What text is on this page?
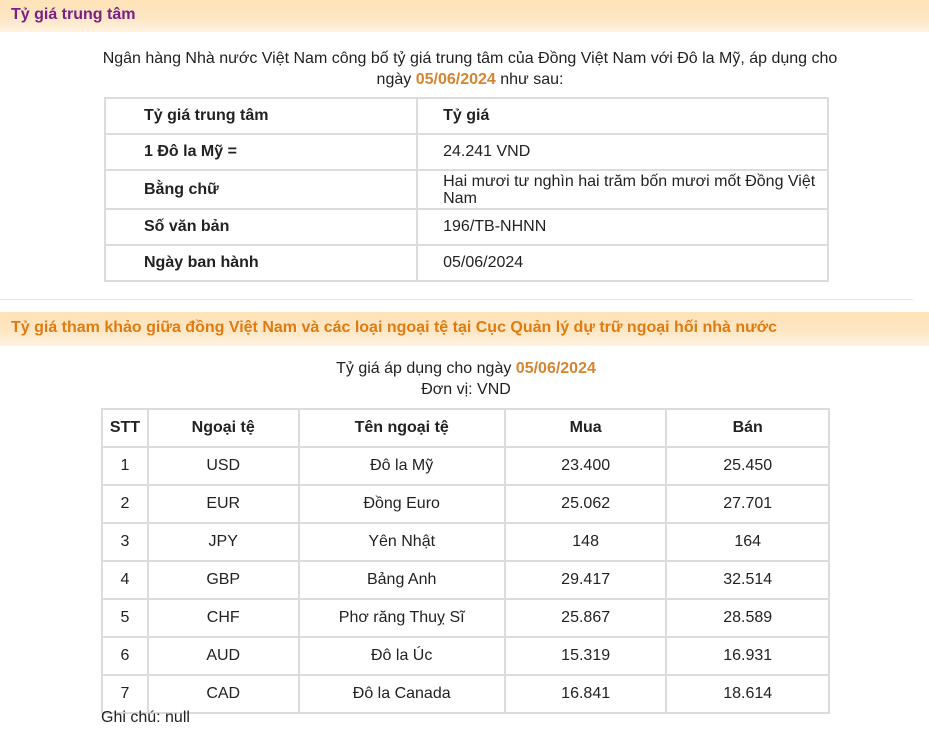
Tỷ giá trung tâm
Ngân hàng Nhà nước Việt Nam công bố tỷ giá trung tâm của Đồng Việt Nam với Đô la Mỹ, áp dụng cho ngày 05/06/2024 như sau:
Tỷ giá trung tâm	Tỷ giá
1 Đô la Mỹ =	24.241 VND
Bằng chữ	Hai mươi tư nghìn hai trăm bốn mươi mốt Đồng Việt Nam
Số văn bản	196/TB-NHNN
Ngày ban hành	05/06/2024
Tỷ giá tham khảo giữa đồng Việt Nam và các loại ngoại tệ tại Cục Quản lý dự trữ ngoại hối nhà nước
Tỷ giá áp dụng cho ngày 05/06/2024
Đơn vị: VND
STT	Ngoại tệ	Tên ngoại tệ	Mua	Bán
1	USD	Đô la Mỹ	23.400	25.450
2	EUR	Đồng Euro	25.062	27.701
3	JPY	Yên Nhật	148	164
4	GBP	Bảng Anh	29.417	32.514
5	CHF	Phơ răng Thuỵ Sĩ	25.867	28.589
6	AUD	Đô la Úc	15.319	16.931
7	CAD	Đô la Canada	16.841	18.614
Ghi chú: null
